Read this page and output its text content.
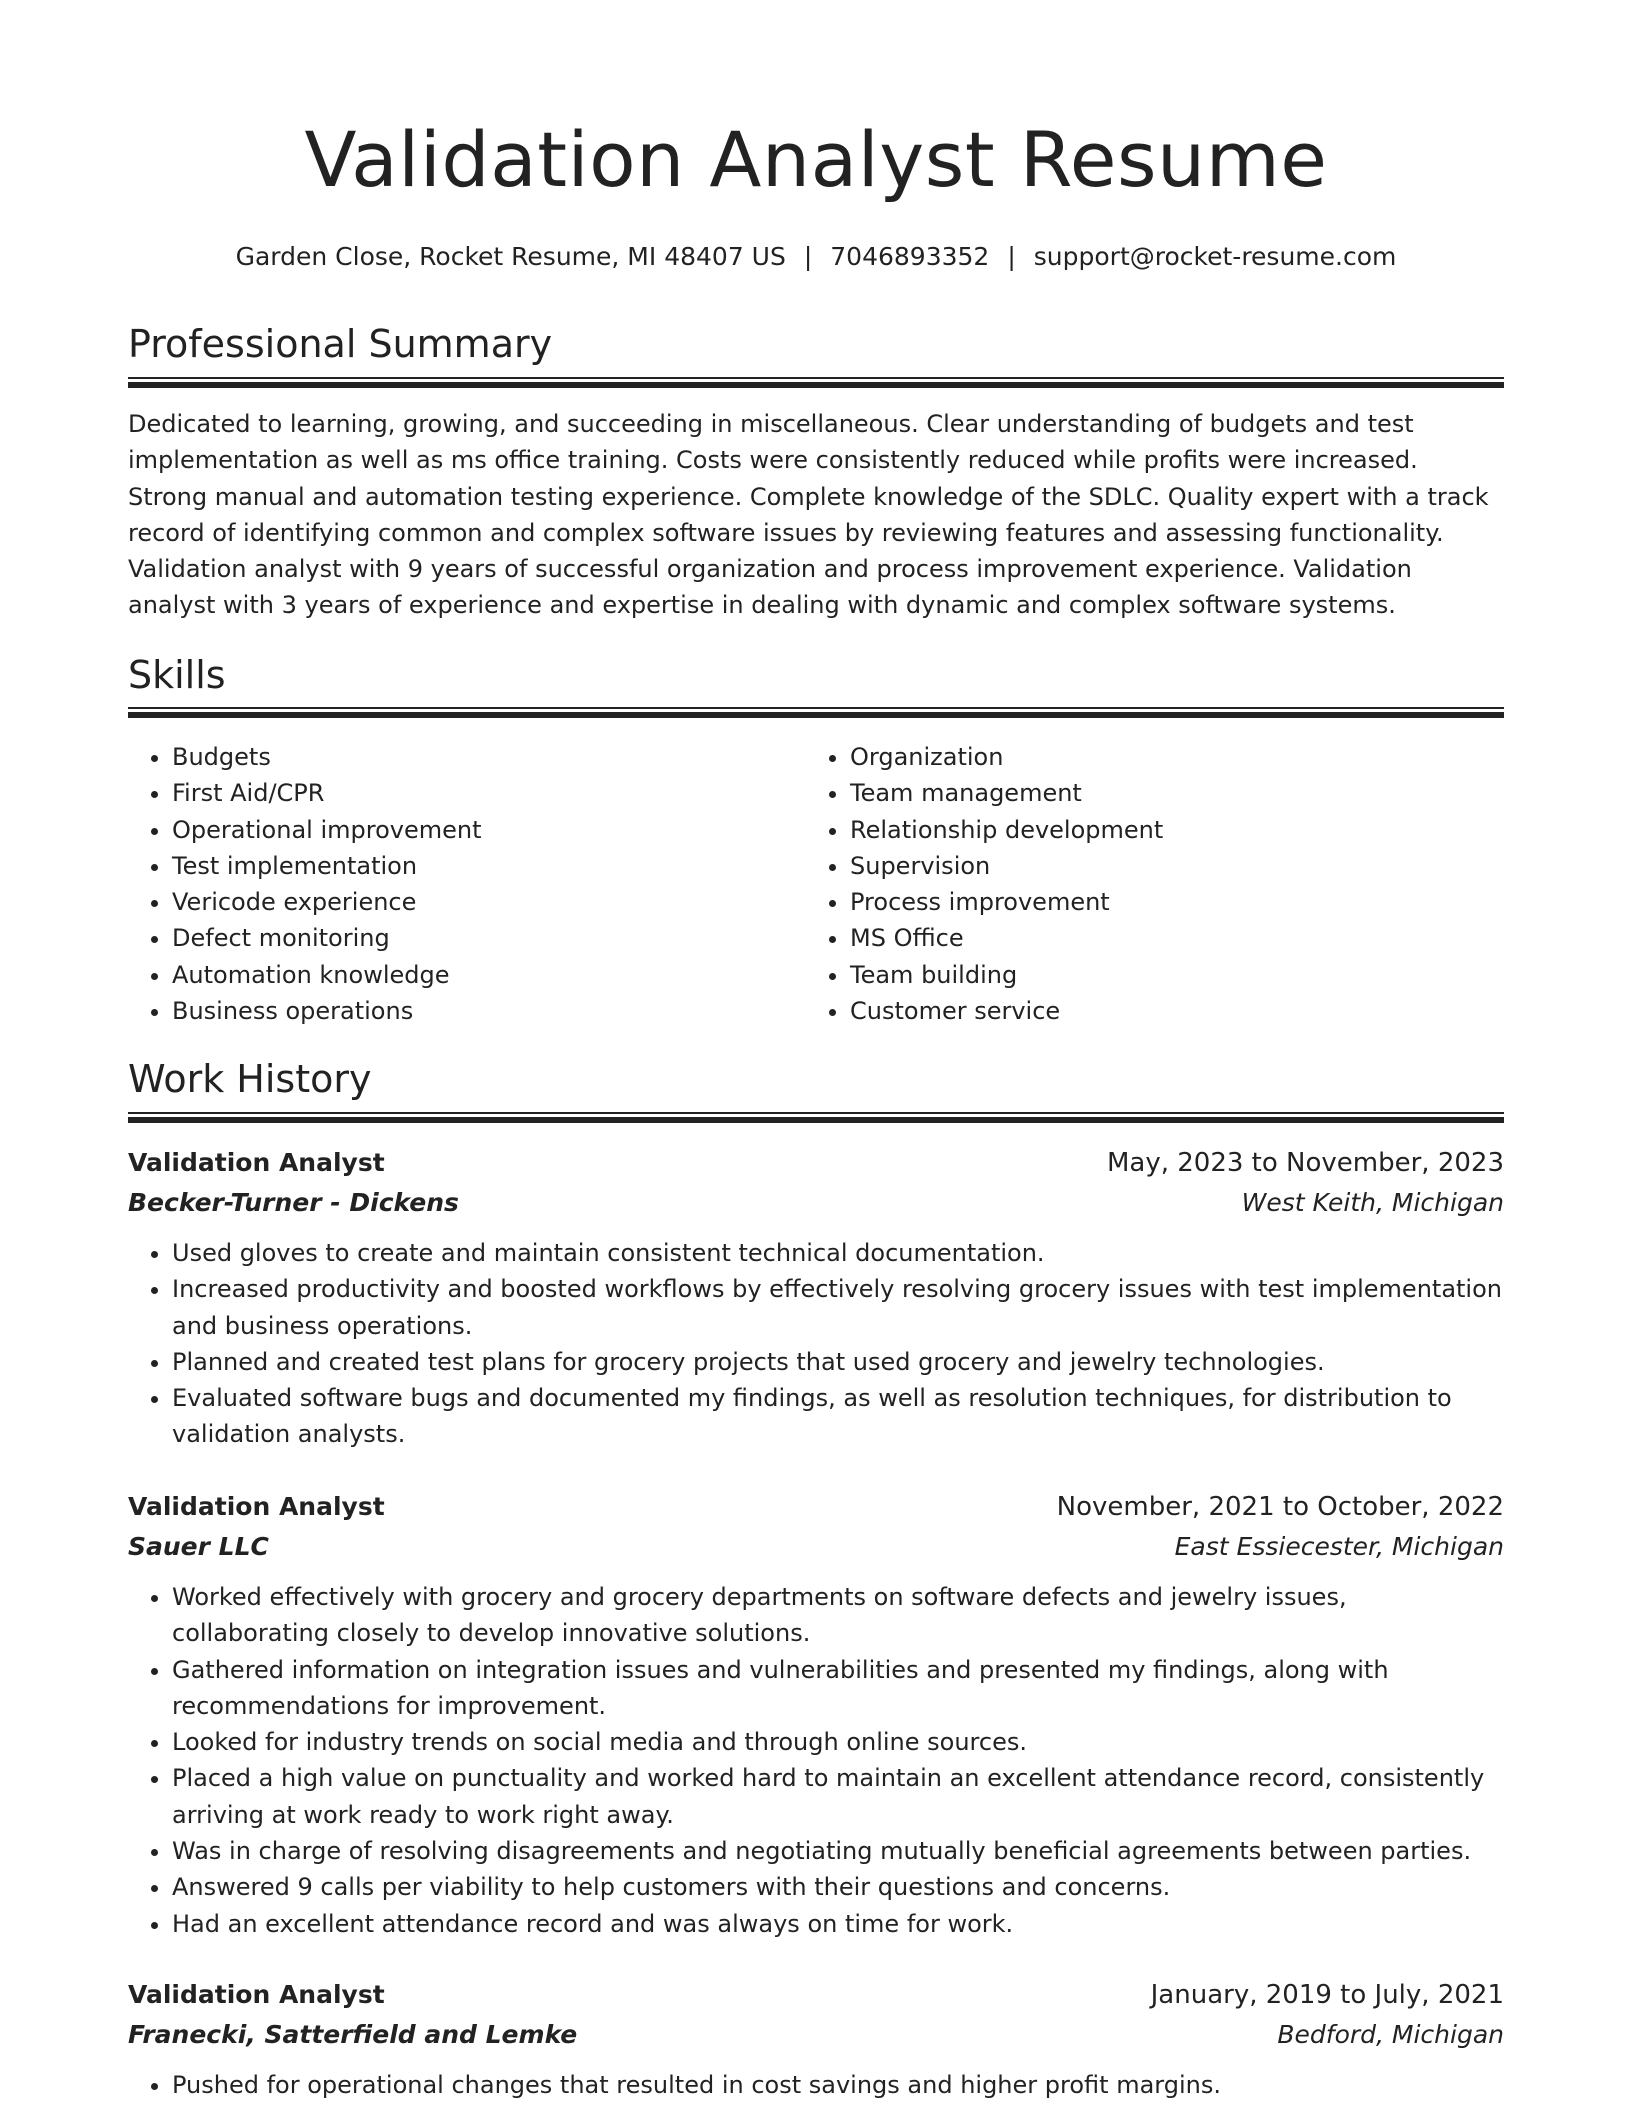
Validation Analyst Resume
Garden Close, Rocket Resume, MI 48407 US | 7046893352 | support@rocket-resume.com
Professional Summary
Dedicated to learning, growing, and succeeding in miscellaneous. Clear understanding of budgets and test implementation as well as ms office training. Costs were consistently reduced while profits were increased. Strong manual and automation testing experience. Complete knowledge of the SDLC. Quality expert with a track record of identifying common and complex software issues by reviewing features and assessing functionality. Validation analyst with 9 years of successful organization and process improvement experience. Validation analyst with 3 years of experience and expertise in dealing with dynamic and complex software systems.
Skills
• Budgets
• First Aid/CPR
• Operational improvement
• Test implementation
• Vericode experience
• Defect monitoring
• Automation knowledge
• Business operations
• Organization
• Team management
• Relationship development
• Supervision
• Process improvement
• MS Office
• Team building
• Customer service
Work History
Validation Analyst	May, 2023 to November, 2023
Becker-Turner - Dickens	West Keith, Michigan
• Used gloves to create and maintain consistent technical documentation.
• Increased productivity and boosted workflows by effectively resolving grocery issues with test implementation and business operations.
• Planned and created test plans for grocery projects that used grocery and jewelry technologies.
• Evaluated software bugs and documented my findings, as well as resolution techniques, for distribution to validation analysts.
Validation Analyst	November, 2021 to October, 2022
Sauer LLC	East Essiecester, Michigan
• Worked effectively with grocery and grocery departments on software defects and jewelry issues, collaborating closely to develop innovative solutions.
• Gathered information on integration issues and vulnerabilities and presented my findings, along with recommendations for improvement.
• Looked for industry trends on social media and through online sources.
• Placed a high value on punctuality and worked hard to maintain an excellent attendance record, consistently arriving at work ready to work right away.
• Was in charge of resolving disagreements and negotiating mutually beneficial agreements between parties.
• Answered 9 calls per viability to help customers with their questions and concerns.
• Had an excellent attendance record and was always on time for work.
Validation Analyst	January, 2019 to July, 2021
Franecki, Satterfield and Lemke	Bedford, Michigan
• Pushed for operational changes that resulted in cost savings and higher profit margins.
